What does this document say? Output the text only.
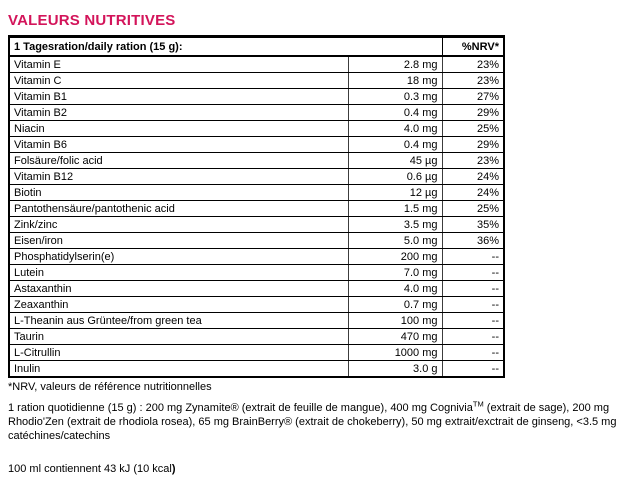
VALEURS NUTRITIVES
1 Tagesration/daily ration (15 g):		%NRV*
Vitamin E	2.8 mg	23%
Vitamin C	18 mg	23%
Vitamin B1	0.3 mg	27%
Vitamin B2	0.4 mg	29%
Niacin	4.0 mg	25%
Vitamin B6	0.4 mg	29%
Folsäure/folic acid	45 µg	23%
Vitamin B12	0.6 µg	24%
Biotin	12 µg	24%
Pantothensäure/pantothenic acid	1.5 mg	25%
Zink/zinc	3.5 mg	35%
Eisen/iron	5.0 mg	36%
Phosphatidylserin(e)	200 mg	--
Lutein	7.0 mg	--
Astaxanthin	4.0 mg	--
Zeaxanthin	0.7 mg	--
L-Theanin aus Grüntee/from green tea	100 mg	--
Taurin	470 mg	--
L-Citrullin	1000 mg	--
Inulin	3.0 g	--

*NRV, valeurs de référence nutritionnelles

1 ration quotidienne (15 g) : 200 mg Zynamite® (extrait de feuille de mangue), 400 mg Cognivia™ (extrait de sage), 200 mg Rhodio'Zen (extrait de rhodiola rosea), 65 mg BrainBerry® (extrait de chokeberry), 50 mg extrait/exctrait de ginseng, <3.5 mg catéchines/catechins

100 ml contiennent 43 kJ (10 kcal)
